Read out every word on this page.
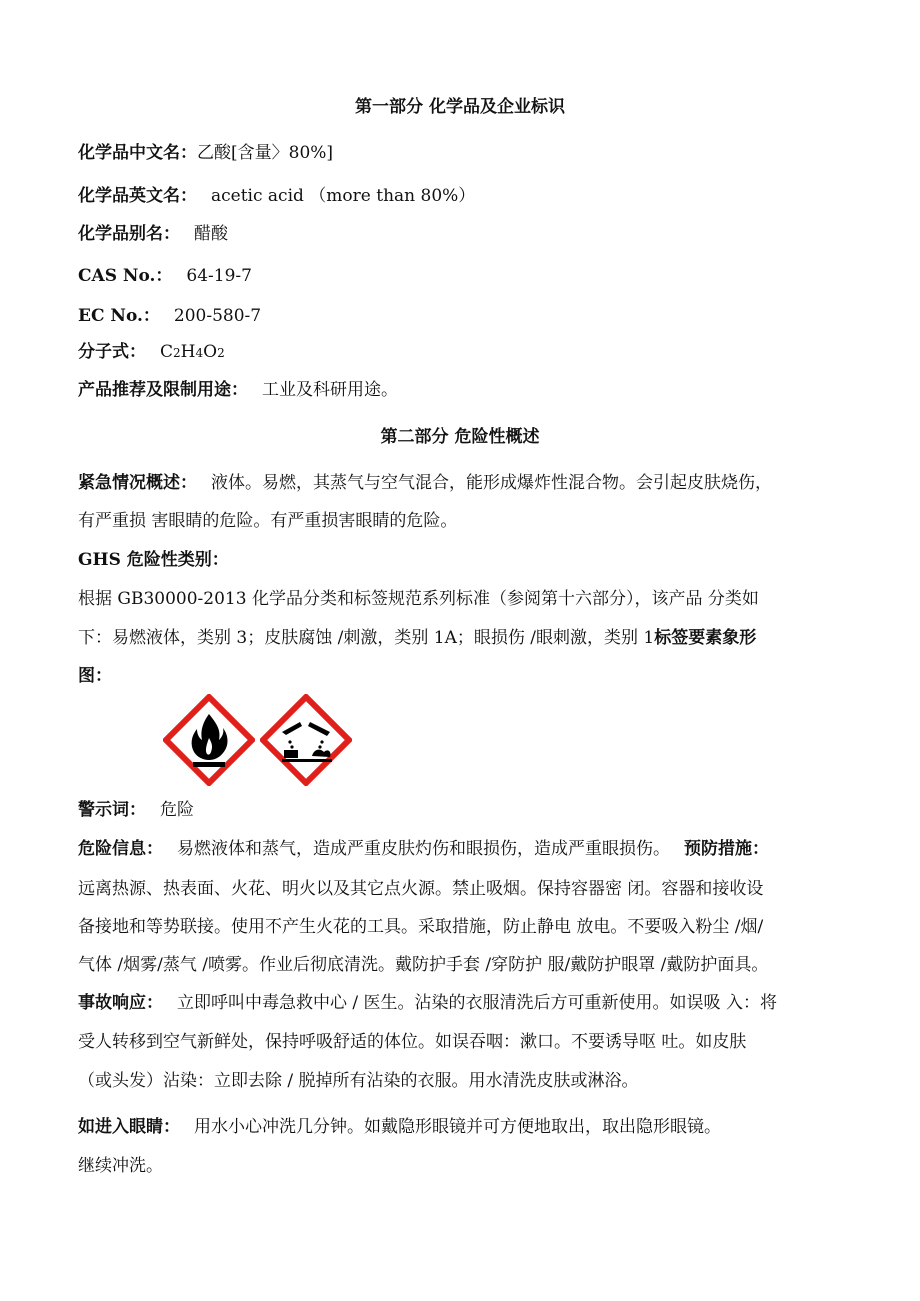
第一部分 化学品及企业标识
化学品中文名：乙酸[含量〉80%]
化学品英文名： acetic acid （more than 80%）
化学品别名： 醋酸
CAS No.： 64-19-7
EC No.： 200-580-7
分子式： C2H4O2
产品推荐及限制用途： 工业及科研用途。
第二部分 危险性概述
紧急情况概述： 液体。易燃，其蒸气与空气混合，能形成爆炸性混合物。会引起皮肤烧伤，
有严重损 害眼睛的危险。有严重损害眼睛的危险。
GHS 危险性类别：
根据 GB30000-2013 化学品分类和标签规范系列标准（参阅第十六部分），该产品 分类如
下：易燃液体，类别 3；皮肤腐蚀 /刺激，类别 1A；眼损伤 /眼刺激，类别 1标签要素象形
图：
警示词： 危险
危险信息： 易燃液体和蒸气，造成严重皮肤灼伤和眼损伤，造成严重眼损伤。 预防措施：
远离热源、热表面、火花、明火以及其它点火源。禁止吸烟。保持容器密 闭。容器和接收设
备接地和等势联接。使用不产生火花的工具。采取措施，防止静电 放电。不要吸入粉尘 /烟/
气体 /烟雾/蒸气 /喷雾。作业后彻底清洗。戴防护手套 /穿防护 服/戴防护眼罩 /戴防护面具。
事故响应： 立即呼叫中毒急救中心 / 医生。沾染的衣服清洗后方可重新使用。如误吸 入：将
受人转移到空气新鲜处，保持呼吸舒适的体位。如误吞咽：漱口。不要诱导呕 吐。如皮肤
（或头发）沾染：立即去除 / 脱掉所有沾染的衣服。用水清洗皮肤或淋浴。
如进入眼睛： 用水小心冲洗几分钟。如戴隐形眼镜并可方便地取出，取出隐形眼镜。
继续冲洗。
